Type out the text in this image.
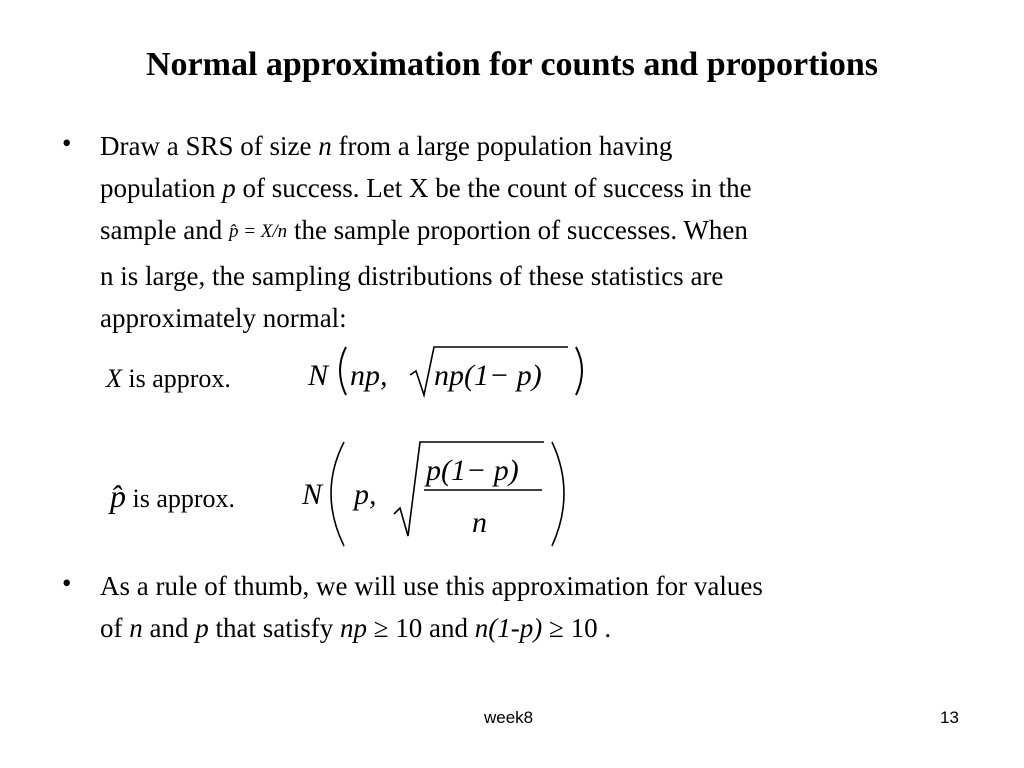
Normal approximation for counts and proportions
• Draw a SRS of size n from a large population having
population p of success. Let X be the count of success in the
sample and p̂ = X/n the sample proportion of successes. When
n is large, the sampling distributions of these statistics are
approximately normal:
X is approx.	N np, np(1− p)
p̂ is approx. N p,
p(1− p)
n
• As a rule of thumb, we will use this approximation for values
of n and p that satisfy np ≥ 10 and n(1-p) ≥ 10 .
week8	13
